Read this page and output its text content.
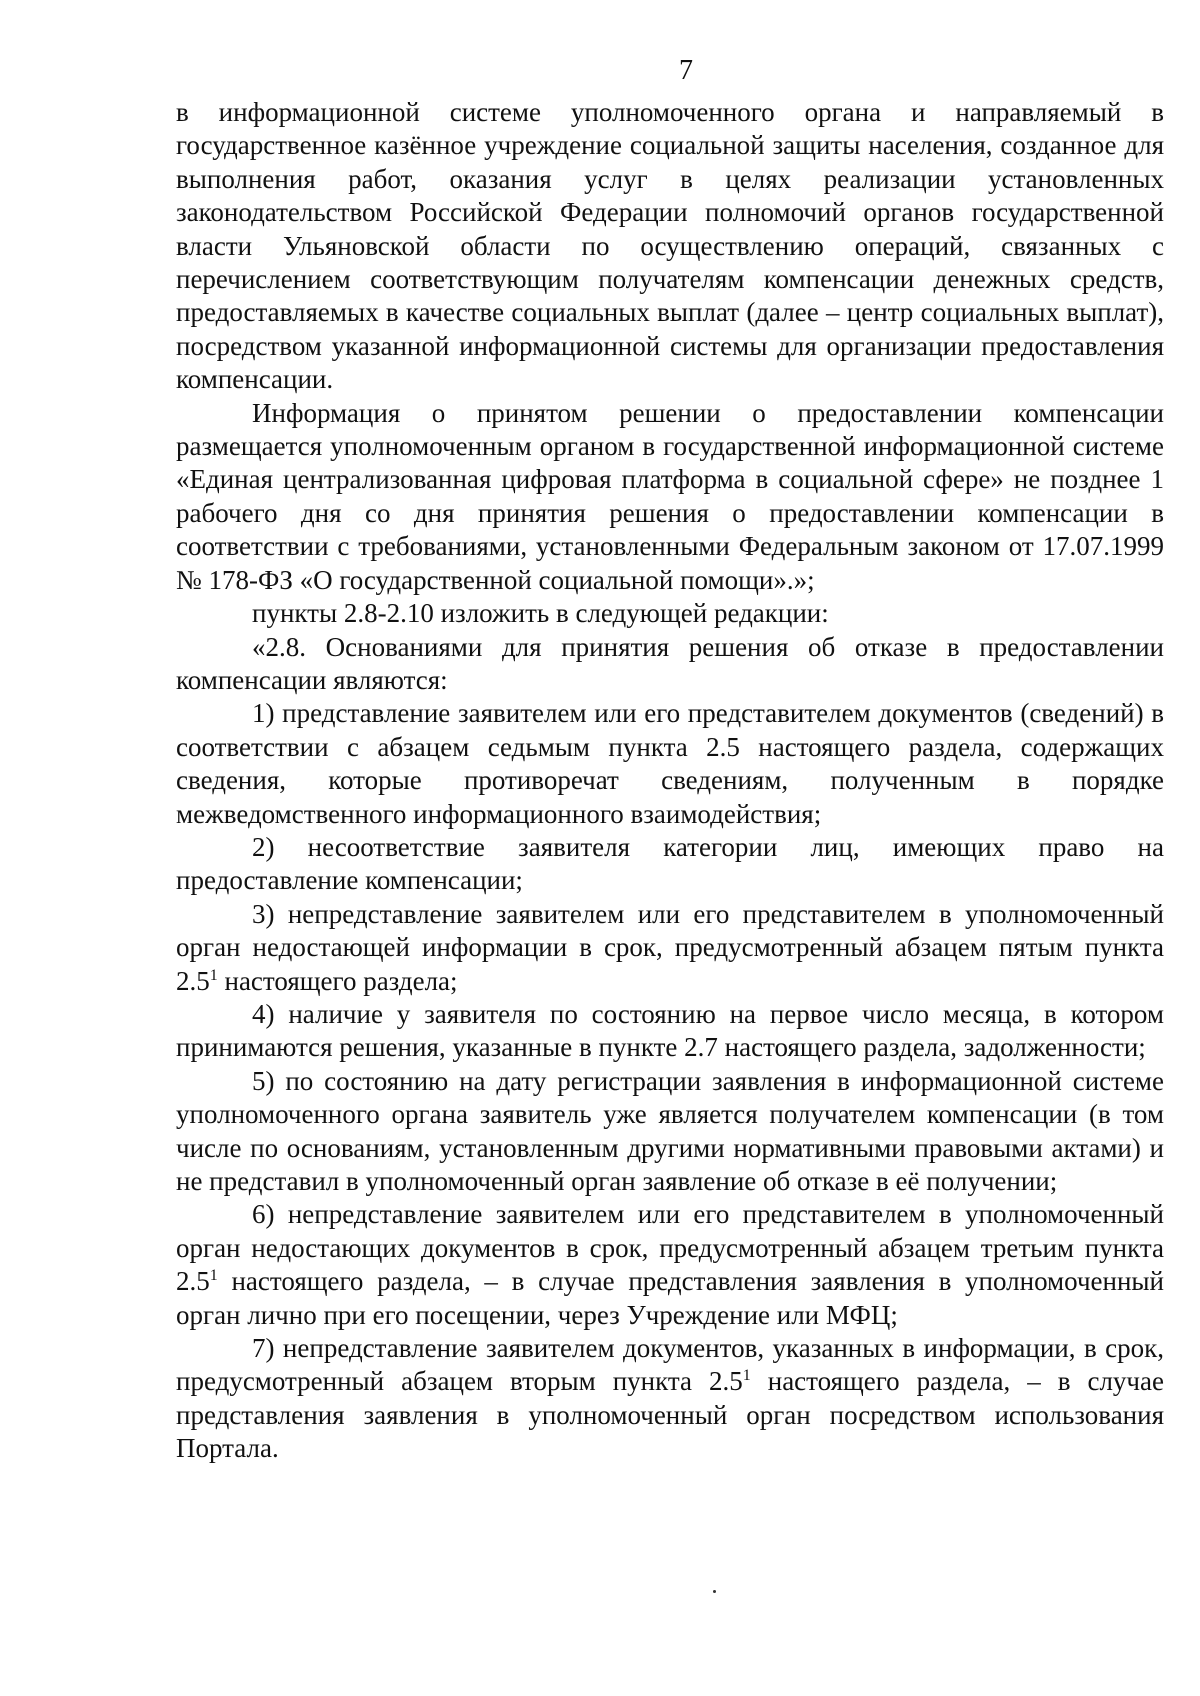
7

в информационной системе уполномоченного органа и направляемый в государственное казённое учреждение социальной защиты населения, созданное для выполнения работ, оказания услуг в целях реализации установленных законодательством Российской Федерации полномочий органов государственной власти Ульяновской области по осуществлению операций, связанных с перечислением соответствующим получателям компенсации денежных средств, предоставляемых в качестве социальных выплат (далее – центр социальных выплат), посредством указанной информационной системы для организации предоставления компенсации.

Информация о принятом решении о предоставлении компенсации размещается уполномоченным органом в государственной информационной системе «Единая централизованная цифровая платформа в социальной сфере» не позднее 1 рабочего дня со дня принятия решения о предоставлении компенсации в соответствии с требованиями, установленными Федеральным законом от 17.07.1999 № 178-ФЗ «О государственной социальной помощи».»;

пункты 2.8-2.10 изложить в следующей редакции:

«2.8. Основаниями для принятия решения об отказе в предоставлении компенсации являются:

1) представление заявителем или его представителем документов (сведений) в соответствии с абзацем седьмым пункта 2.5 настоящего раздела, содержащих сведения, которые противоречат сведениям, полученным в порядке межведомственного информационного взаимодействия;

2) несоответствие заявителя категории лиц, имеющих право на предоставление компенсации;

3) непредставление заявителем или его представителем в уполномоченный орган недостающей информации в срок, предусмотренный абзацем пятым пункта $2.5^1$ настоящего раздела;

4) наличие у заявителя по состоянию на первое число месяца, в котором принимаются решения, указанные в пункте 2.7 настоящего раздела, задолженности;

5) по состоянию на дату регистрации заявления в информационной системе уполномоченного органа заявитель уже является получателем компенсации (в том числе по основаниям, установленным другими нормативными правовыми актами) и не представил в уполномоченный орган заявление об отказе в её получении;

6) непредставление заявителем или его представителем в уполномоченный орган недостающих документов в срок, предусмотренный абзацем третьим пункта $2.5^1$ настоящего раздела, – в случае представления заявления в уполномоченный орган лично при его посещении, через Учреждение или МФЦ;

7) непредставление заявителем документов, указанных в информации, в срок, предусмотренный абзацем вторым пункта $2.5^1$ настоящего раздела, – в случае представления заявления в уполномоченный орган посредством использования Портала.
